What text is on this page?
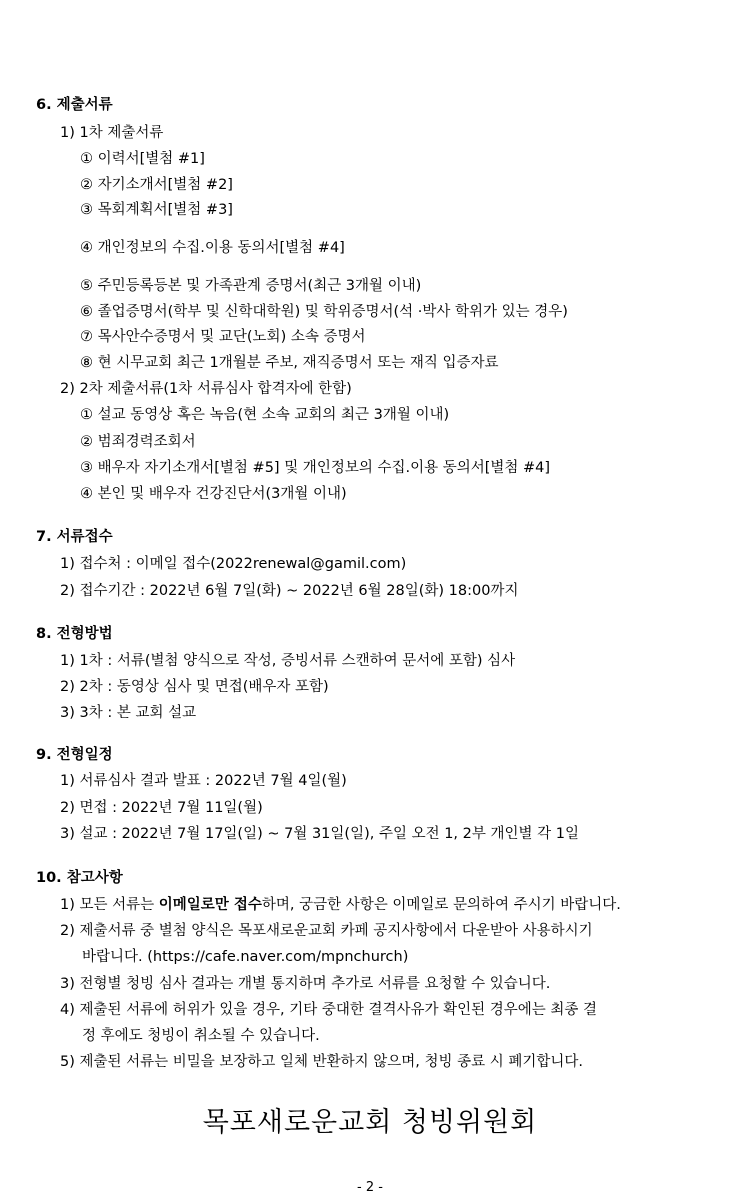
6. 제출서류
1) 1차 제출서류
① 이력서[별첨 #1]
② 자기소개서[별첨 #2]
③ 목회계획서[별첨 #3]
④ 개인정보의 수집.이용 동의서[별첨 #4]
⑤ 주민등록등본 및 가족관계 증명서(최근 3개월 이내)
⑥ 졸업증명서(학부 및 신학대학원) 및 학위증명서(석 ·박사 학위가 있는 경우)
⑦ 목사안수증명서 및 교단(노회) 소속 증명서
⑧ 현 시무교회 최근 1개월분 주보, 재직증명서 또는 재직 입증자료
2) 2차 제출서류(1차 서류심사 합격자에 한함)
① 설교 동영상 혹은 녹음(현 소속 교회의 최근 3개월 이내)
② 범죄경력조회서
③ 배우자 자기소개서[별첨 #5] 및 개인정보의 수집.이용 동의서[별첨 #4]
④ 본인 및 배우자 건강진단서(3개월 이내)
7. 서류접수
1) 접수처 : 이메일 접수(2022renewal@gamil.com)
2) 접수기간 : 2022년 6월 7일(화) ~ 2022년 6월 28일(화) 18:00까지
8. 전형방법
1) 1차 : 서류(별첨 양식으로 작성, 증빙서류 스캔하여 문서에 포함) 심사
2) 2차 : 동영상 심사 및 면접(배우자 포함)
3) 3차 : 본 교회 설교
9. 전형일정
1) 서류심사 결과 발표 : 2022년 7월 4일(월)
2) 면접 : 2022년 7월 11일(월)
3) 설교 : 2022년 7월 17일(일) ~ 7월 31일(일), 주일 오전 1, 2부 개인별 각 1일
10. 참고사항
1) 모든 서류는 이메일로만 접수하며, 궁금한 사항은 이메일로 문의하여 주시기 바랍니다.
2) 제출서류 중 별첨 양식은 목포새로운교회 카페 공지사항에서 다운받아 사용하시기
바랍니다. (https://cafe.naver.com/mpnchurch)
3) 전형별 청빙 심사 결과는 개별 통지하며 추가로 서류를 요청할 수 있습니다.
4) 제출된 서류에 허위가 있을 경우, 기타 중대한 결격사유가 확인된 경우에는 최종 결
정 후에도 청빙이 취소될 수 있습니다.
5) 제출된 서류는 비밀을 보장하고 일체 반환하지 않으며, 청빙 종료 시 폐기합니다.
목포새로운교회 청빙위원회
- 2 -
